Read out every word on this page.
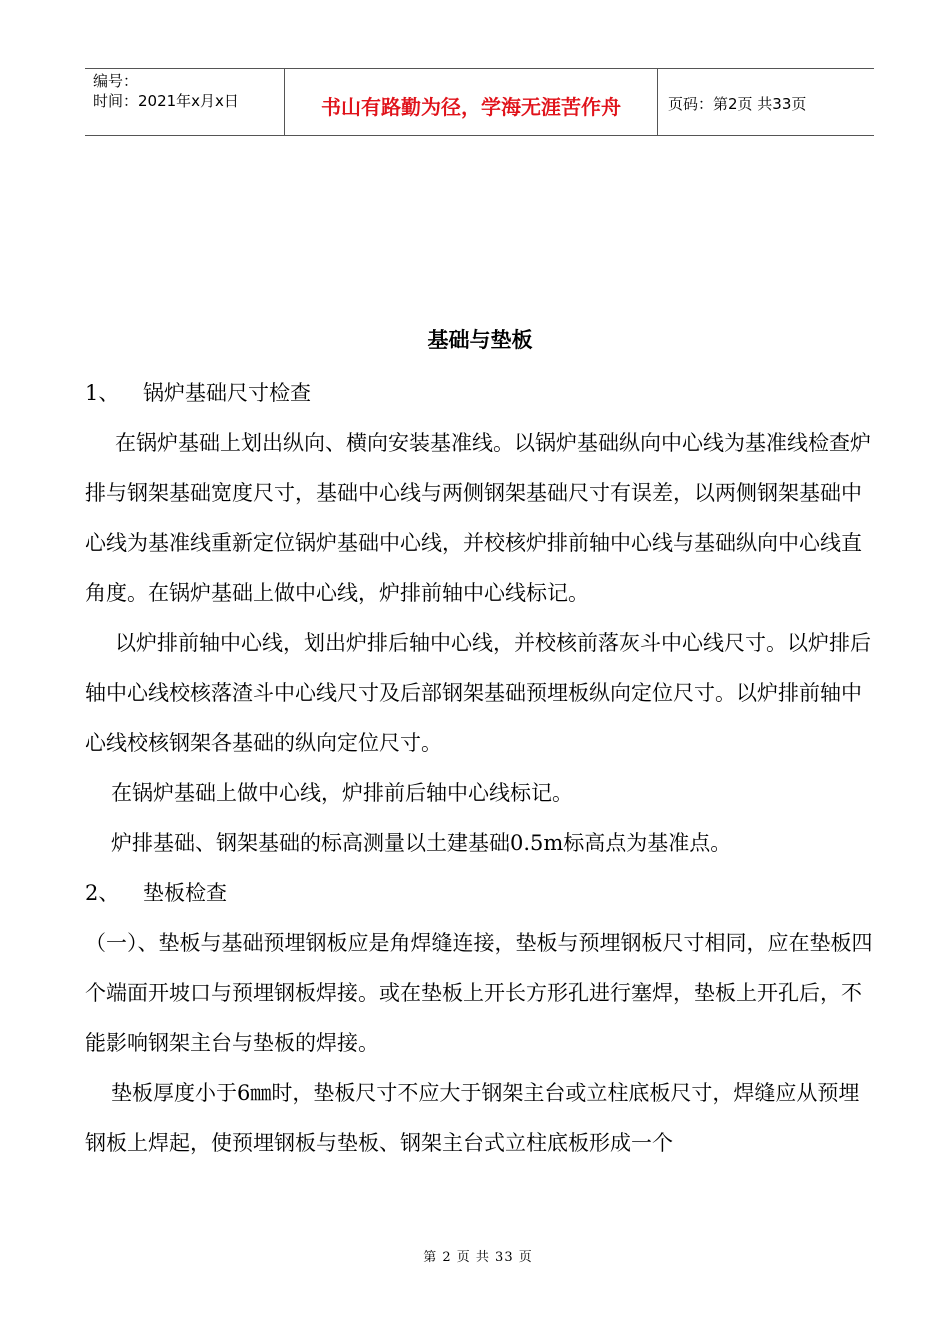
编号：
时间：2021年x月x日	书山有路勤为径，学海无涯苦作舟	页码：第2页 共33页
基础与垫板
1、	锅炉基础尺寸检查

在锅炉基础上划出纵向、横向安装基准线。以锅炉基础纵向中心线为基准线检查炉排与钢架基础宽度尺寸，基础中心线与两侧钢架基础尺寸有误差，以两侧钢架基础中心线为基准线重新定位锅炉基础中心线，并校核炉排前轴中心线与基础纵向中心线直角度。在锅炉基础上做中心线，炉排前轴中心线标记。

以炉排前轴中心线，划出炉排后轴中心线，并校核前落灰斗中心线尺寸。以炉排后轴中心线校核落渣斗中心线尺寸及后部钢架基础预埋板纵向定位尺寸。以炉排前轴中心线校核钢架各基础的纵向定位尺寸。

在锅炉基础上做中心线，炉排前后轴中心线标记。

炉排基础、钢架基础的标高测量以土建基础0.5m标高点为基准点。

2、	垫板检查

（一）、垫板与基础预埋钢板应是角焊缝连接，垫板与预埋钢板尺寸相同，应在垫板四个端面开坡口与预埋钢板焊接。或在垫板上开长方形孔进行塞焊，垫板上开孔后，不能影响钢架主台与垫板的焊接。

垫板厚度小于6㎜时，垫板尺寸不应大于钢架主台或立柱底板尺寸，焊缝应从预埋钢板上焊起，使预埋钢板与垫板、钢架主台式立柱底板形成一个

第 2 页 共 33 页
